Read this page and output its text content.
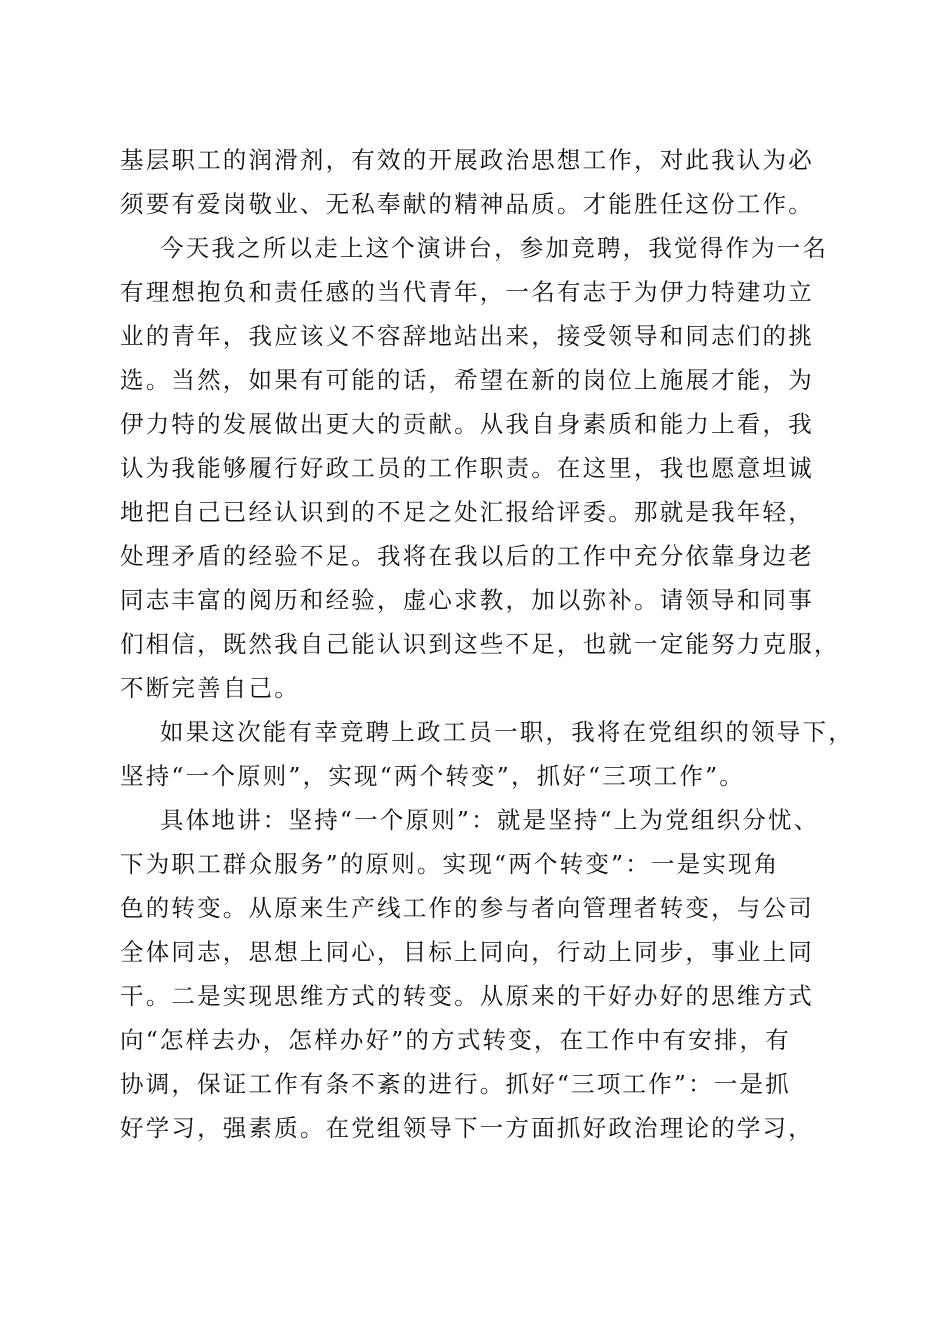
基层职工的润滑剂，有效的开展政治思想工作，对此我认为必
须要有爱岗敬业、无私奉献的精神品质。才能胜任这份工作。
今天我之所以走上这个演讲台，参加竞聘，我觉得作为一名
有理想抱负和责任感的当代青年，一名有志于为伊力特建功立
业的青年，我应该义不容辞地站出来，接受领导和同志们的挑
选。当然，如果有可能的话，希望在新的岗位上施展才能，为
伊力特的发展做出更大的贡献。从我自身素质和能力上看，我
认为我能够履行好政工员的工作职责。在这里，我也愿意坦诚
地把自己已经认识到的不足之处汇报给评委。那就是我年轻，
处理矛盾的经验不足。我将在我以后的工作中充分依靠身边老
同志丰富的阅历和经验，虚心求教，加以弥补。请领导和同事
们相信，既然我自己能认识到这些不足，也就一定能努力克服，
不断完善自己。
如果这次能有幸竞聘上政工员一职，我将在党组织的领导下，
坚持“一个原则”，实现“两个转变”，抓好“三项工作”。
具体地讲：坚持“一个原则”：就是坚持“上为党组织分忧、
下为职工群众服务”的原则。实现“两个转变”：一是实现角
色的转变。从原来生产线工作的参与者向管理者转变，与公司
全体同志，思想上同心，目标上同向，行动上同步，事业上同
干。二是实现思维方式的转变。从原来的干好办好的思维方式
向“怎样去办，怎样办好”的方式转变，在工作中有安排，有
协调，保证工作有条不紊的进行。抓好“三项工作”：一是抓
好学习，强素质。在党组领导下一方面抓好政治理论的学习，
